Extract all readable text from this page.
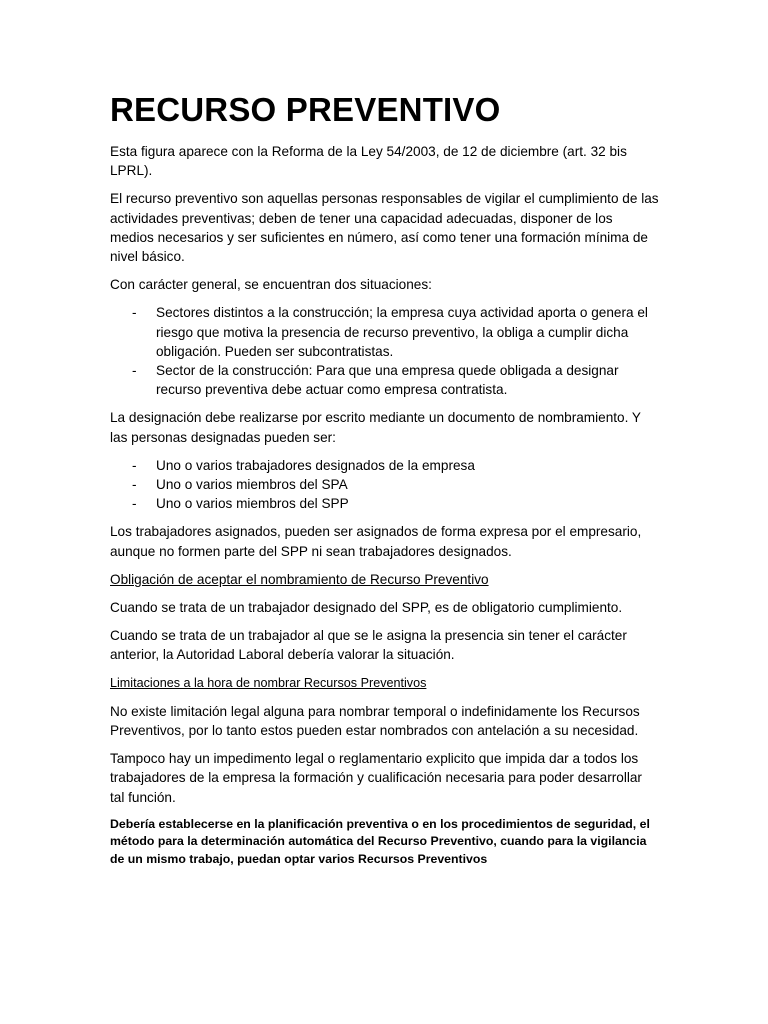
RECURSO PREVENTIVO

Esta figura aparece con la Reforma de la Ley 54/2003, de 12 de diciembre (art. 32 bis LPRL).

El recurso preventivo son aquellas personas responsables de vigilar el cumplimiento de las actividades preventivas; deben de tener una capacidad adecuadas, disponer de los medios necesarios y ser suficientes en número, así como tener una formación mínima de nivel básico.

Con carácter general, se encuentran dos situaciones:

- Sectores distintos a la construcción; la empresa cuya actividad aporta o genera el riesgo que motiva la presencia de recurso preventivo, la obliga a cumplir dicha obligación. Pueden ser subcontratistas.
- Sector de la construcción: Para que una empresa quede obligada a designar recurso preventiva debe actuar como empresa contratista.

La designación debe realizarse por escrito mediante un documento de nombramiento. Y las personas designadas pueden ser:

- Uno o varios trabajadores designados de la empresa
- Uno o varios miembros del SPA
- Uno o varios miembros del SPP

Los trabajadores asignados, pueden ser asignados de forma expresa por el empresario, aunque no formen parte del SPP ni sean trabajadores designados.

Obligación de aceptar el nombramiento de Recurso Preventivo

Cuando se trata de un trabajador designado del SPP, es de obligatorio cumplimiento.

Cuando se trata de un trabajador al que se le asigna la presencia sin tener el carácter anterior, la Autoridad Laboral debería valorar la situación.

Limitaciones a la hora de nombrar Recursos Preventivos

No existe limitación legal alguna para nombrar temporal o indefinidamente los Recursos Preventivos, por lo tanto estos pueden estar nombrados con antelación a su necesidad.

Tampoco hay un impedimento legal o reglamentario explicito que impida dar a todos los trabajadores de la empresa la formación y cualificación necesaria para poder desarrollar tal función.

Debería establecerse en la planificación preventiva o en los procedimientos de seguridad, el método para la determinación automática del Recurso Preventivo, cuando para la vigilancia de un mismo trabajo, puedan optar varios Recursos Preventivos
